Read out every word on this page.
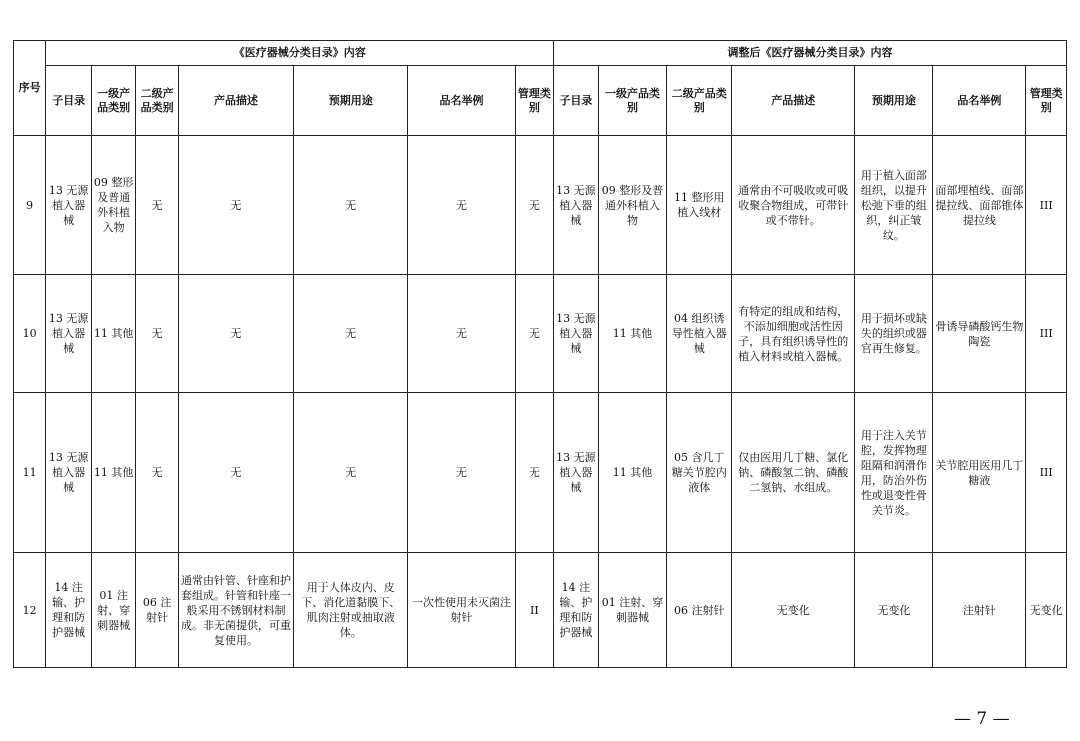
序号	《医疗器械分类目录》内容							调整后《医疗器械分类目录》内容						
	子目录	一级产品类别	二级产品类别	产品描述	预期用途	品名举例	管理类别	子目录	一级产品类别	二级产品类别	产品描述	预期用途	品名举例	管理类别
9	13 无源植入器械	09 整形及普通外科植入物	无	无	无	无	无	13 无源植入器械	09 整形及普通外科植入物	11 整形用植入线材	通常由不可吸收或可吸收聚合物组成，可带针或不带针。	用于植入面部组织，以提升松弛下垂的组织，纠正皱纹。	面部埋植线、面部提拉线、面部锥体提拉线	III
10	13 无源植入器械	11 其他	无	无	无	无	无	13 无源植入器械	11 其他	04 组织诱导性植入器械	有特定的组成和结构，不添加细胞或活性因子，具有组织诱导性的植入材料或植入器械。	用于损坏或缺失的组织或器官再生修复。	骨诱导磷酸钙生物陶瓷	III
11	13 无源植入器械	11 其他	无	无	无	无	无	13 无源植入器械	11 其他	05 含几丁糖关节腔内液体	仅由医用几丁糖、氯化钠、磷酸氢二钠、磷酸二氢钠、水组成。	用于注入关节腔，发挥物理阻隔和润滑作用，防治外伤性或退变性骨关节炎。	关节腔用医用几丁糖液	III
12	14 注输、护理和防护器械	01 注射、穿刺器械	06 注射针	通常由针管、针座和护套组成。针管和针座一般采用不锈钢材料制成。非无菌提供，可重复使用。	用于人体皮内、皮下、消化道黏膜下、肌肉注射或抽取液体。	一次性使用未灭菌注射针	II	14 注输、护理和防护器械	01 注射、穿刺器械	06 注射针	无变化	无变化	注射针	无变化
— 7 —
